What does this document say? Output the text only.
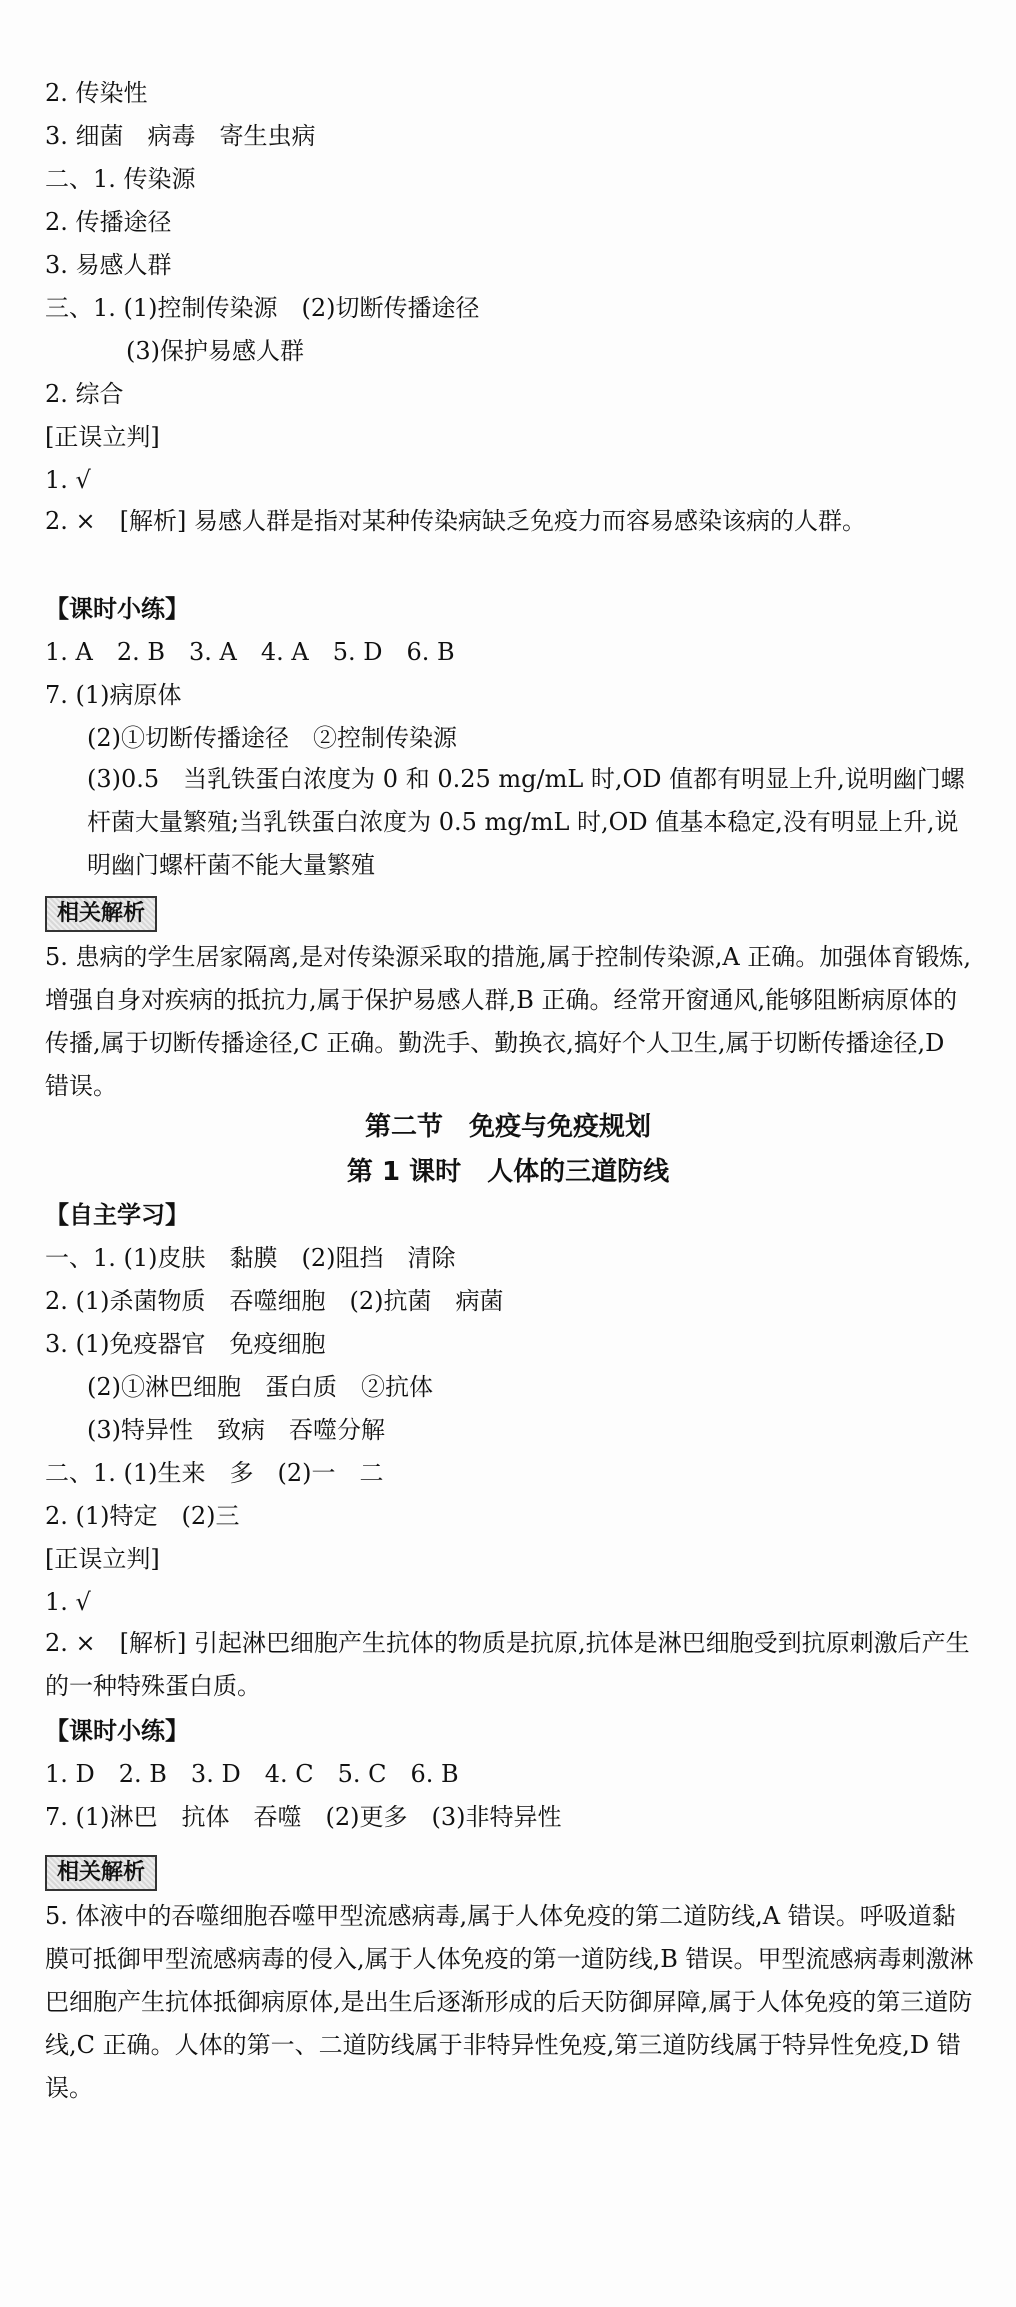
2. 传染性
3. 细菌　病毒　寄生虫病
二、1. 传染源
2. 传播途径
3. 易感人群
三、1. (1)控制传染源　(2)切断传播途径
(3)保护易感人群
2. 综合
[正误立判]
1. √
2. ×　[解析] 易感人群是指对某种传染病缺乏免疫力而容易感染该病的人群。
【课时小练】
1. A　2. B　3. A　4. A　5. D　6. B
7. (1)病原体
(2)①切断传播途径　②控制传染源
(3)0.5　当乳铁蛋白浓度为 0 和 0.25 mg/mL 时,OD 值都有明显上升,说明幽门螺杆菌大量繁殖;当乳铁蛋白浓度为 0.5 mg/mL 时,OD 值基本稳定,没有明显上升,说明幽门螺杆菌不能大量繁殖
相关解析
5. 患病的学生居家隔离,是对传染源采取的措施,属于控制传染源,A 正确。加强体育锻炼,增强自身对疾病的抵抗力,属于保护易感人群,B 正确。经常开窗通风,能够阻断病原体的传播,属于切断传播途径,C 正确。勤洗手、勤换衣,搞好个人卫生,属于切断传播途径,D 错误。
第二节　免疫与免疫规划
第 1 课时　人体的三道防线
【自主学习】
一、1. (1)皮肤　黏膜　(2)阻挡　清除
2. (1)杀菌物质　吞噬细胞　(2)抗菌　病菌
3. (1)免疫器官　免疫细胞
(2)①淋巴细胞　蛋白质　②抗体
(3)特异性　致病　吞噬分解
二、1. (1)生来　多　(2)一　二
2. (1)特定　(2)三
[正误立判]
1. √
2. ×　[解析] 引起淋巴细胞产生抗体的物质是抗原,抗体是淋巴细胞受到抗原刺激后产生的一种特殊蛋白质。
【课时小练】
1. D　2. B　3. D　4. C　5. C　6. B
7. (1)淋巴　抗体　吞噬　(2)更多　(3)非特异性
相关解析
5. 体液中的吞噬细胞吞噬甲型流感病毒,属于人体免疫的第二道防线,A 错误。呼吸道黏膜可抵御甲型流感病毒的侵入,属于人体免疫的第一道防线,B 错误。甲型流感病毒刺激淋巴细胞产生抗体抵御病原体,是出生后逐渐形成的后天防御屏障,属于人体免疫的第三道防线,C 正确。人体的第一、二道防线属于非特异性免疫,第三道防线属于特异性免疫,D 错误。
